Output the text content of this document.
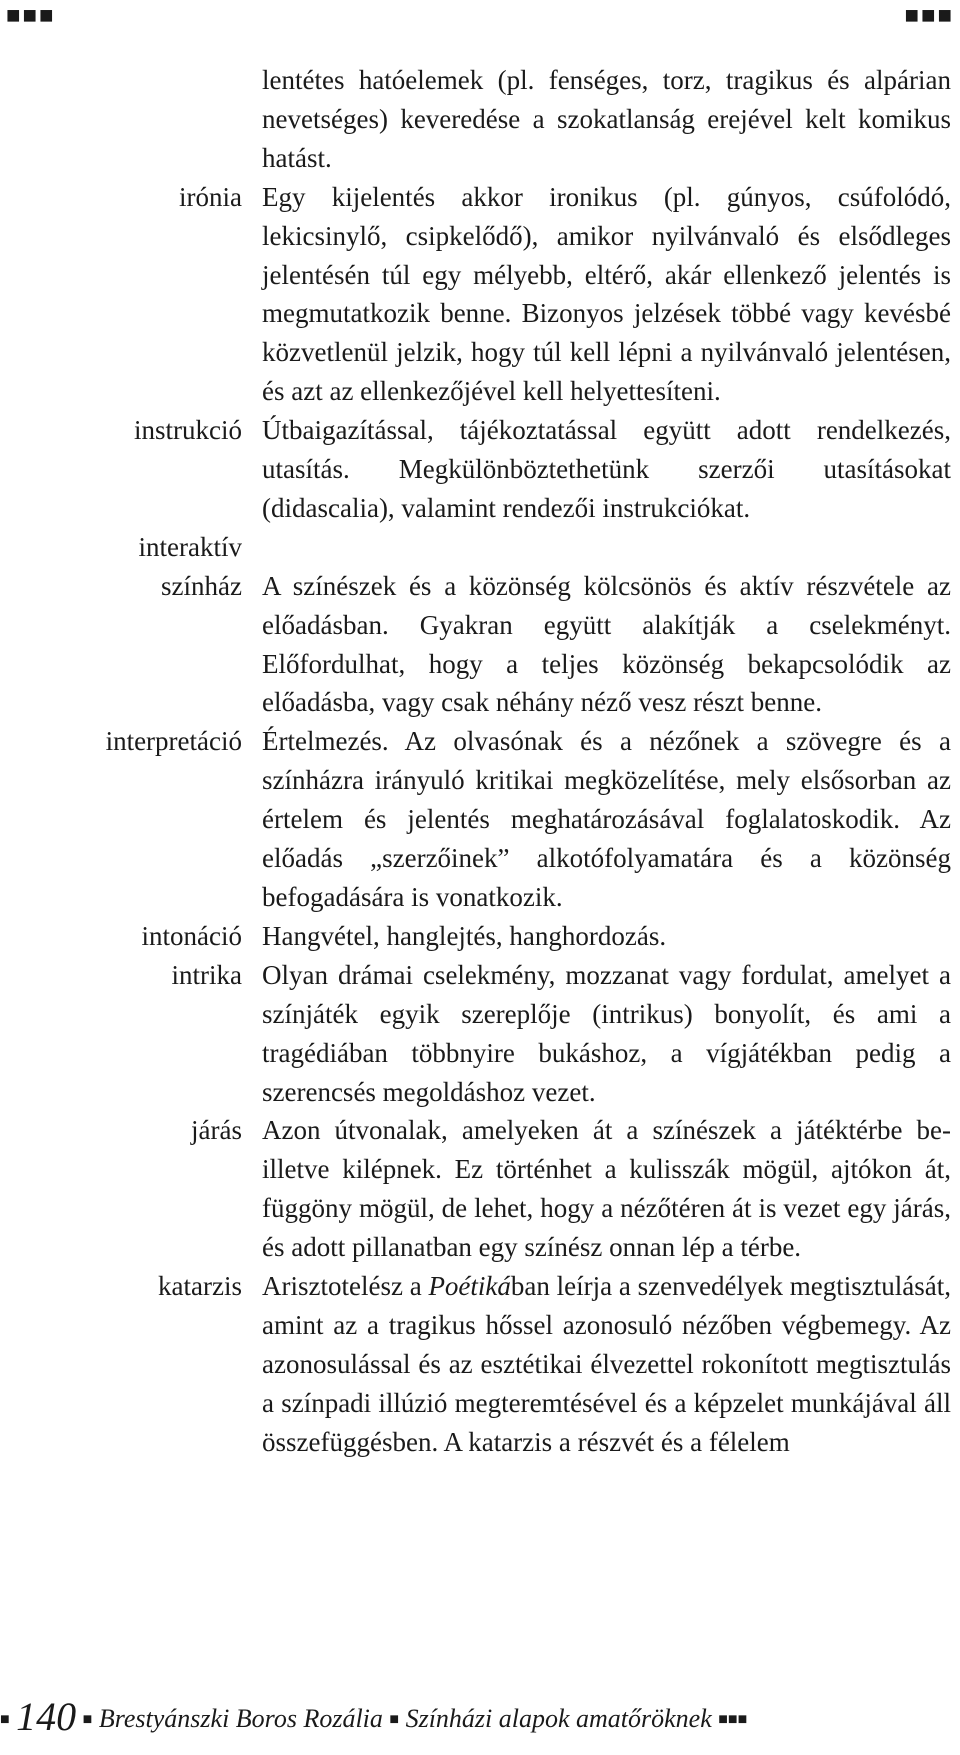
■■■	■■■
lentétes hatóelemek (pl. fenséges, torz, tragikus és alpárian nevetséges) keveredése a szokatlanság erejével kelt komikus hatást.
irónia Egy kijelentés akkor ironikus (pl. gúnyos, csúfolódó, lekicsinylő, csipkelődő), amikor nyilvánvaló és elsődleges jelentésén túl egy mélyebb, eltérő, akár ellenkező jelentés is megmutatkozik benne. Bizonyos jelzések többé vagy kevésbé közvetlenül jelzik, hogy túl kell lépni a nyilvánvaló jelentésen, és azt az ellenkezőjével kell helyettesíteni.
instrukció Útbaigazítással, tájékoztatással együtt adott rendelkezés, utasítás. Megkülönböztethetünk szerzői utasításokat (didascalia), valamint rendezői instrukciókat.
interaktív
színház A színészek és a közönség kölcsönös és aktív részvétele az előadásban. Gyakran együtt alakítják a cselekményt. Előfordulhat, hogy a teljes közönség bekapcsolódik az előadásba, vagy csak néhány néző vesz részt benne.
interpretáció Értelmezés. Az olvasónak és a nézőnek a szövegre és a színházra irányuló kritikai megközelítése, mely elsősorban az értelem és jelentés meghatározásával foglalatoskodik. Az előadás „szerzőinek” alkotófolyamatára és a közönség befogadására is vonatkozik.
intonáció Hangvétel, hanglejtés, hanghordozás.
intrika Olyan drámai cselekmény, mozzanat vagy fordulat, amelyet a színjáték egyik szereplője (intrikus) bonyolít, és ami a tragédiában többnyire bukáshoz, a vígjátékban pedig a szerencsés megoldáshoz vezet.
járás Azon útvonalak, amelyeken át a színészek a játéktérbe be- illetve kilépnek. Ez történhet a kulisszák mögül, ajtókon át, függöny mögül, de lehet, hogy a nézőtéren át is vezet egy járás, és adott pillanatban egy színész onnan lép a térbe.
katarzis Arisztotelész a Poétikában leírja a szenvedélyek megtisztulását, amint az a tragikus hőssel azonosuló nézőben végbemegy. Az azonosulással és az esztétikai élvezettel rokonított megtisztulás a színpadi illúzió megteremtésével és a képzelet munkájával áll összefüggésben. A katarzis a részvét és a félelem
■ 140 ■ Brestyánszki Boros Rozália ■ Színházi alapok amatőröknek ■■■
